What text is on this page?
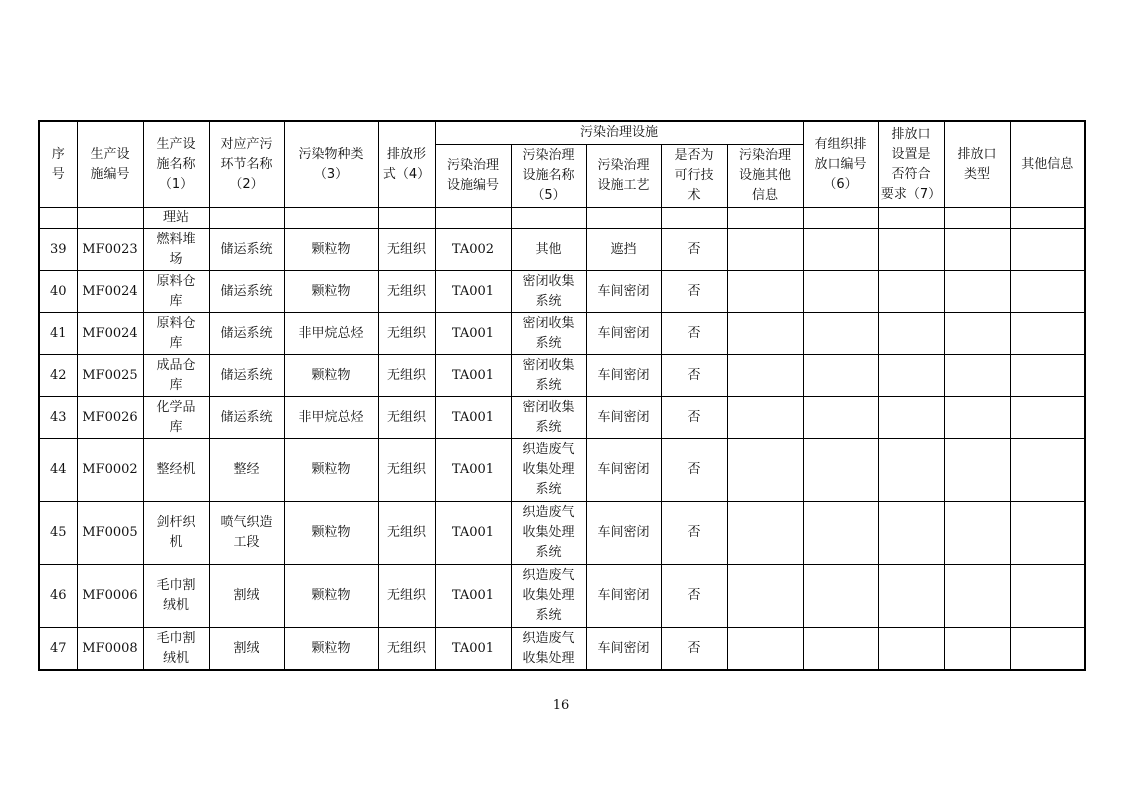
序
号	生产设
施编号	生产设
施名称
（1）	对应产污
环节名称
（2）	污染物种类
（3）	排放形
式（4）	污染治理设施					有组织排
放口编号
（6）	排放口
设置是
否符合
要求（7）	排放口
类型	其他信息
						污染治理
设施编号	污染治理
设施名称
（5）	污染治理
设施工艺	是否为
可行技
术	污染治理
设施其他
信息				
		理站												
39	MF0023	燃料堆
场	储运系统	颗粒物	无组织	TA002	其他	遮挡	否					
40	MF0024	原料仓
库	储运系统	颗粒物	无组织	TA001	密闭收集
系统	车间密闭	否					
41	MF0024	原料仓
库	储运系统	非甲烷总烃	无组织	TA001	密闭收集
系统	车间密闭	否					
42	MF0025	成品仓
库	储运系统	颗粒物	无组织	TA001	密闭收集
系统	车间密闭	否					
43	MF0026	化学品
库	储运系统	非甲烷总烃	无组织	TA001	密闭收集
系统	车间密闭	否					
44	MF0002	整经机	整经	颗粒物	无组织	TA001	织造废气
收集处理
系统	车间密闭	否					
45	MF0005	剑杆织
机	喷气织造
工段	颗粒物	无组织	TA001	织造废气
收集处理
系统	车间密闭	否					
46	MF0006	毛巾割
绒机	割绒	颗粒物	无组织	TA001	织造废气
收集处理
系统	车间密闭	否					
47	MF0008	毛巾割
绒机	割绒	颗粒物	无组织	TA001	织造废气
收集处理	车间密闭	否					
16
